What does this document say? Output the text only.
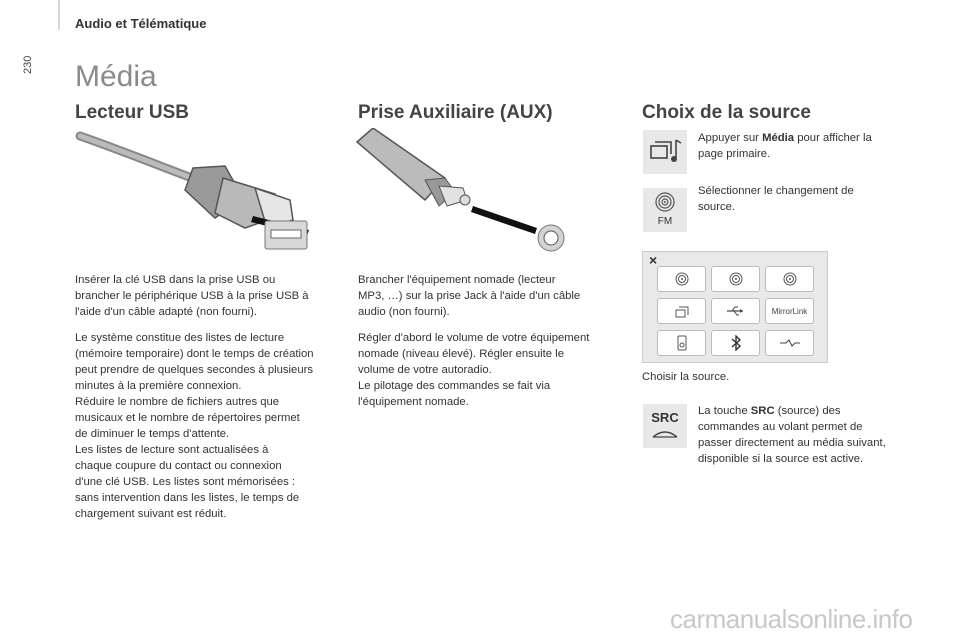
230
Audio et Télématique
Média
Lecteur USB
Insérer la clé USB dans la prise USB ou
brancher le périphérique USB à la prise USB à
l'aide d'un câble adapté (non fourni).
Le système constitue des listes de lecture
(mémoire temporaire) dont le temps de création
peut prendre de quelques secondes à plusieurs
minutes à la première connexion.
Réduire le nombre de fichiers autres que
musicaux et le nombre de répertoires permet
de diminuer le temps d'attente.
Les listes de lecture sont actualisées à
chaque coupure du contact ou connexion
d'une clé USB. Les listes sont mémorisées :
sans intervention dans les listes, le temps de
chargement suivant est réduit.
Prise Auxiliaire (AUX)
Brancher l'équipement nomade (lecteur
MP3, …) sur la prise Jack à l'aide d'un câble
audio (non fourni).
Régler d'abord le volume de votre équipement
nomade (niveau élevé). Régler ensuite le
volume de votre autoradio.
Le pilotage des commandes se fait via
l'équipement nomade.
Choix de la source
Appuyer sur Média pour afficher la
page primaire.
FM
Sélectionner le changement de
source.
×
MirrorLink
Choisir la source.
SRC	La touche SRC (source) des
commandes au volant permet de
passer directement au média suivant,
disponible si la source est active.
carmanualsonline.info
